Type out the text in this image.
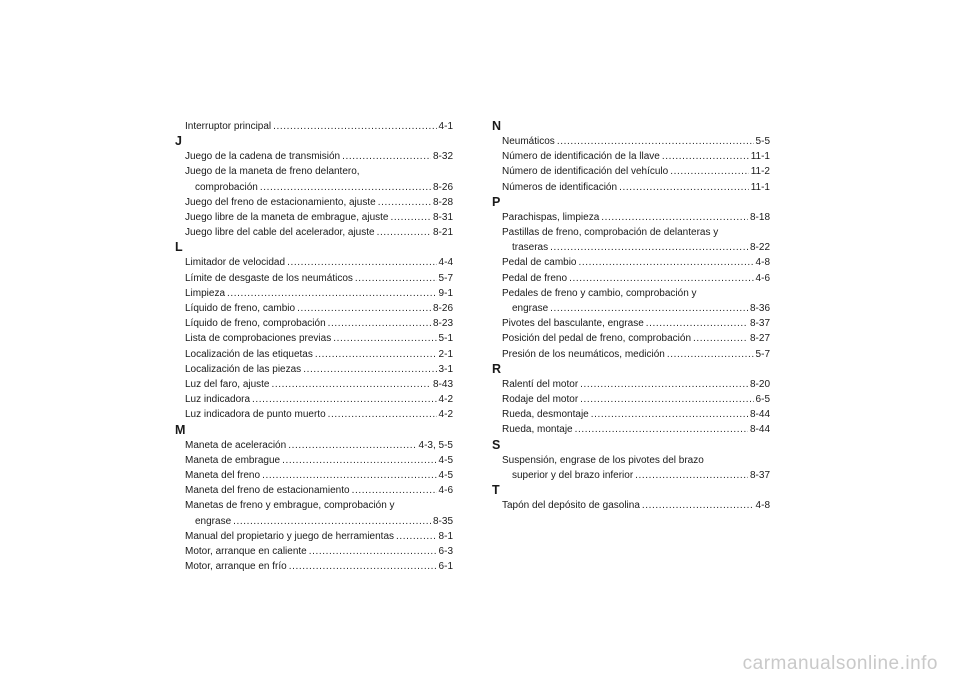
Interruptor principal .....	4-1
J
Juego de la cadena de transmisión .....	8-32
Juego de la maneta de freno delantero,
comprobación .....	8-26
Juego del freno de estacionamiento, ajuste .....	8-28
Juego libre de la maneta de embrague, ajuste .....	8-31
Juego libre del cable del acelerador, ajuste .....	8-21
L
Limitador de velocidad .....	4-4
Límite de desgaste de los neumáticos .....	5-7
Limpieza .....	9-1
Líquido de freno, cambio .....	8-26
Líquido de freno, comprobación .....	8-23
Lista de comprobaciones previas .....	5-1
Localización de las etiquetas .....	2-1
Localización de las piezas .....	3-1
Luz del faro, ajuste .....	8-43
Luz indicadora .....	4-2
Luz indicadora de punto muerto .....	4-2
M
Maneta de aceleración .....	4-3, 5-5
Maneta de embrague .....	4-5
Maneta del freno .....	4-5
Maneta del freno de estacionamiento .....	4-6
Manetas de freno y embrague, comprobación y
engrase .....	8-35
Manual del propietario y juego de herramientas .....	8-1
Motor, arranque en caliente .....	6-3
Motor, arranque en frío .....	6-1
N
Neumáticos .....	5-5
Número de identificación de la llave .....	11-1
Número de identificación del vehículo .....	11-2
Números de identificación .....	11-1
P
Parachispas, limpieza .....	8-18
Pastillas de freno, comprobación de delanteras y
traseras .....	8-22
Pedal de cambio .....	4-8
Pedal de freno .....	4-6
Pedales de freno y cambio, comprobación y
engrase .....	8-36
Pivotes del basculante, engrase .....	8-37
Posición del pedal de freno, comprobación .....	8-27
Presión de los neumáticos, medición .....	5-7
R
Ralentí del motor .....	8-20
Rodaje del motor .....	6-5
Rueda, desmontaje .....	8-44
Rueda, montaje .....	8-44
S
Suspensión, engrase de los pivotes del brazo
superior y del brazo inferior .....	8-37
T
Tapón del depósito de gasolina .....	4-8
carmanualsonline.info
